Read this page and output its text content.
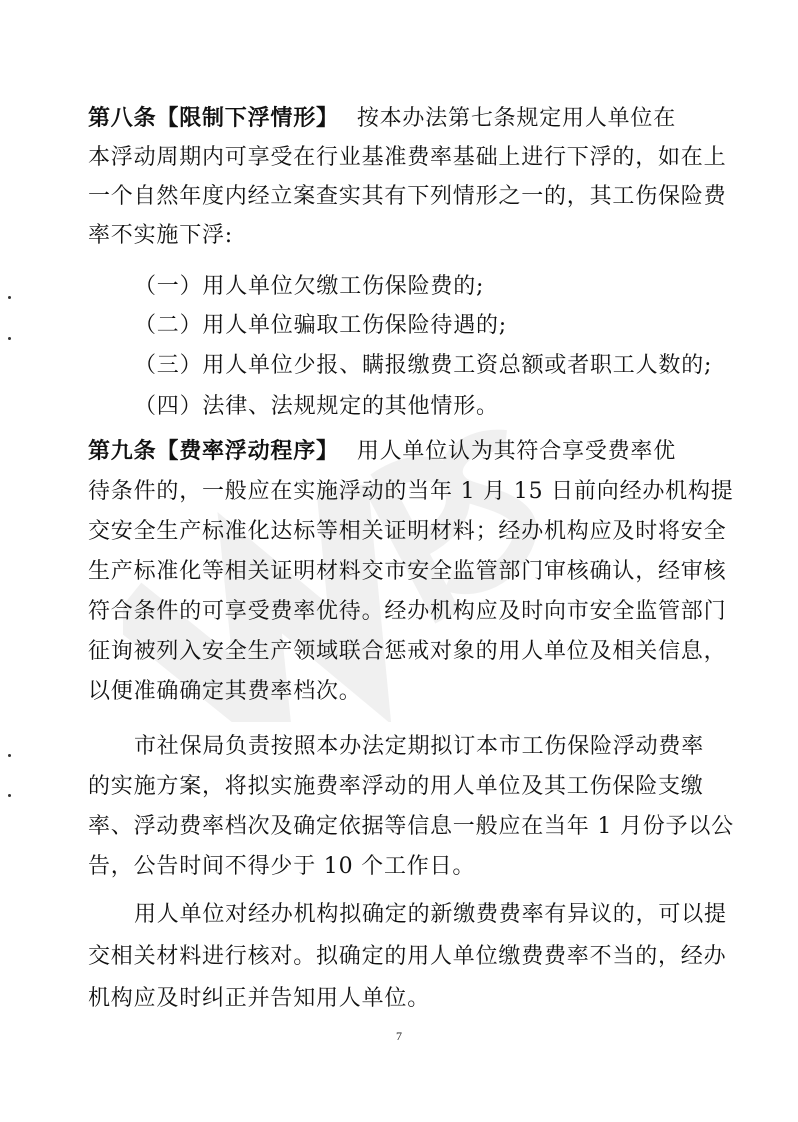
WPS
第八条【限制下浮情形】 按本办法第七条规定用人单位在
本浮动周期内可享受在行业基准费率基础上进行下浮的，如在上
一个自然年度内经立案查实其有下列情形之一的，其工伤保险费
率不实施下浮:
（一）用人单位欠缴工伤保险费的;
（二）用人单位骗取工伤保险待遇的;
（三）用人单位少报、瞒报缴费工资总额或者职工人数的;
（四）法律、法规规定的其他情形。
第九条【费率浮动程序】 用人单位认为其符合享受费率优
待条件的，一般应在实施浮动的当年 1 月 15 日前向经办机构提
交安全生产标准化达标等相关证明材料；经办机构应及时将安全
生产标准化等相关证明材料交市安全监管部门审核确认，经审核
符合条件的可享受费率优待。经办机构应及时向市安全监管部门
征询被列入安全生产领域联合惩戒对象的用人单位及相关信息，
以便准确确定其费率档次。
市社保局负责按照本办法定期拟订本市工伤保险浮动费率
的实施方案，将拟实施费率浮动的用人单位及其工伤保险支缴
率、浮动费率档次及确定依据等信息一般应在当年 1 月份予以公
告，公告时间不得少于 10 个工作日。
用人单位对经办机构拟确定的新缴费费率有异议的，可以提
交相关材料进行核对。拟确定的用人单位缴费费率不当的，经办
机构应及时纠正并告知用人单位。
7
